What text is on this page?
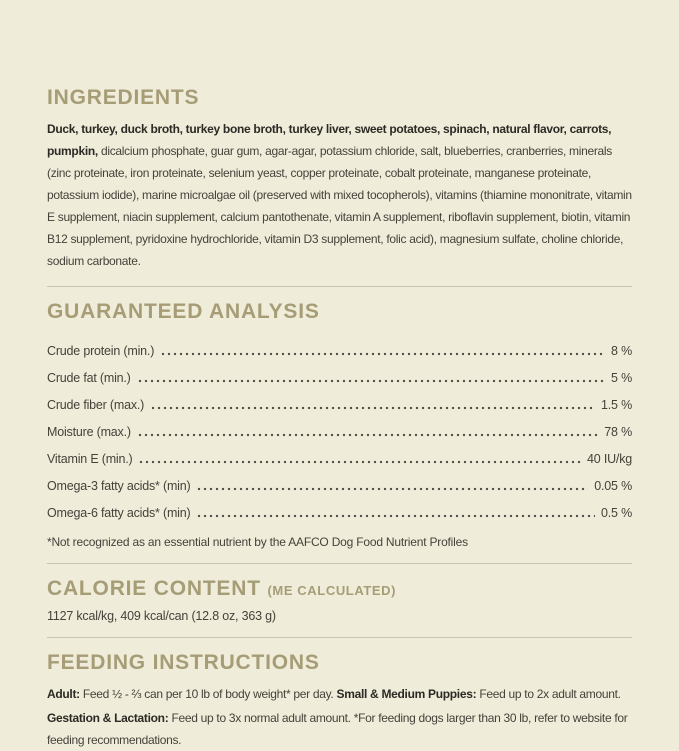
INGREDIENTS

Duck, turkey, duck broth, turkey bone broth, turkey liver, sweet potatoes, spinach, natural flavor, carrots, pumpkin, dicalcium phosphate, guar gum, agar-agar, potassium chloride, salt, blueberries, cranberries, minerals (zinc proteinate, iron proteinate, selenium yeast, copper proteinate, cobalt proteinate, manganese proteinate, potassium iodide), marine microalgae oil (preserved with mixed tocopherols), vitamins (thiamine mononitrate, vitamin E supplement, niacin supplement, calcium pantothenate, vitamin A supplement, riboflavin supplement, biotin, vitamin B12 supplement, pyridoxine hydrochloride, vitamin D3 supplement, folic acid), magnesium sulfate, choline chloride, sodium carbonate.

GUARANTEED ANALYSIS
Crude protein (min.)	8 %
Crude fat (min.)	5 %
Crude fiber (max.)	1.5 %
Moisture (max.)	78 %
Vitamin E (min.)	40 IU/kg
Omega-3 fatty acids* (min)	0.05 %
Omega-6 fatty acids* (min)	0.5 %

*Not recognized as an essential nutrient by the AAFCO Dog Food Nutrient Profiles

CALORIE CONTENT (ME CALCULATED)

1127 kcal/kg, 409 kcal/can (12.8 oz, 363 g)

FEEDING INSTRUCTIONS

Adult: Feed ½ - ⅔ can per 10 lb of body weight* per day. Small & Medium Puppies: Feed up to 2x adult amount.

Gestation & Lactation: Feed up to 3x normal adult amount. *For feeding dogs larger than 30 lb, refer to website for feeding recommendations.
